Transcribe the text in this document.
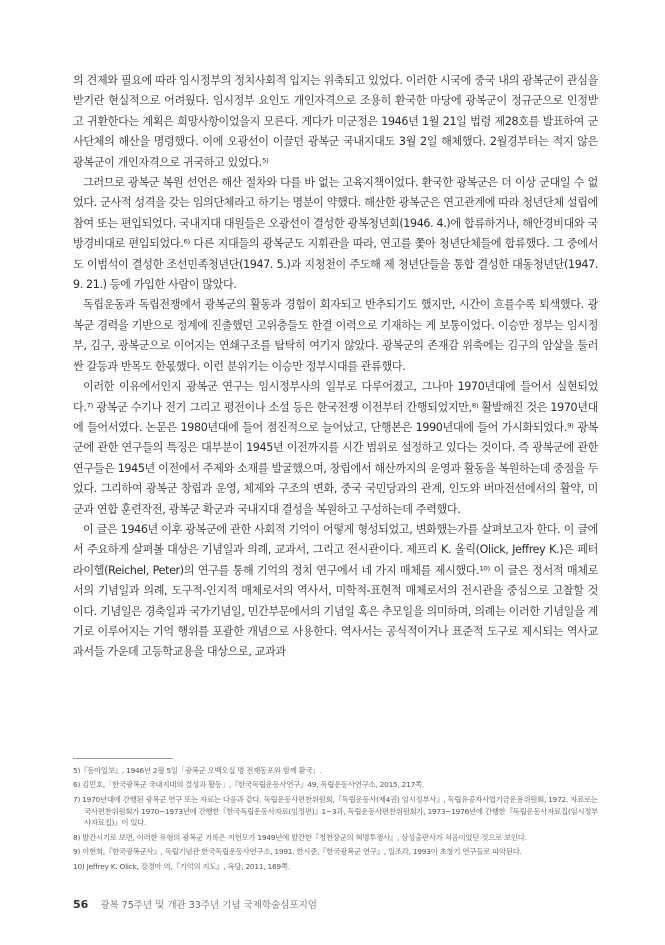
의 견제와 필요에 따라 임시정부의 정치사회적 입지는 위축되고 있었다. 이러한 시국에 중국 내의 광복군이 관심을 받기란 현실적으로 어려웠다. 임시정부 요인도 개인자격으로 조용히 환국한 마당에 광복군이 정규군으로 인정받고 귀환한다는 계획은 희망사항이었을지 모른다. 게다가 미군정은 1946년 1월 21일 법령 제28호를 발표하여 군사단체의 해산을 명령했다. 이에 오광선이 이끌던 광복군 국내지대도 3월 2일 해체했다. 2월경부터는 적지 않은 광복군이 개인자격으로 귀국하고 있었다.⁵⁾

그러므로 광복군 복원 선언은 해산 절차와 다를 바 없는 고육지책이었다. 환국한 광복군은 더 이상 군대일 수 없었다. 군사적 성격을 갖는 임의단체라고 하기는 명분이 약했다. 해산한 광복군은 연고관계에 따라 청년단체 설립에 참여 또는 편입되었다. 국내지대 대원들은 오광선이 결성한 광복청년회(1946. 4.)에 합류하거나, 해안경비대와 국방경비대로 편입되었다.⁶⁾ 다른 지대들의 광복군도 지휘관을 따라, 연고를 쫓아 청년단체들에 합류했다. 그 중에서도 이범석이 결성한 조선민족청년단(1947. 5.)과 지청천이 주도해 제 청년단들을 통합 결성한 대동청년단(1947. 9. 21.) 등에 가입한 사람이 많았다.

독립운동과 독립전쟁에서 광복군의 활동과 경험이 회자되고 반추되기도 했지만, 시간이 흐를수록 퇴색했다. 광복군 경력을 기반으로 정계에 진출했던 고위층들도 한결 이력으로 기재하는 게 보통이었다. 이승만 정부는 임시정부, 김구, 광복군으로 이어지는 연쇄구조를 탐탁히 여기지 않았다. 광복군의 존재감 위축에는 김구의 암살을 둘러싼 갈등과 반목도 한몫했다. 이런 분위기는 이승만 정부시대를 관류했다.

이러한 이유에서인지 광복군 연구는 임시정부사의 일부로 다루어졌고, 그나마 1970년대에 들어서 실현되었다.⁷⁾ 광복군 수기나 전기 그리고 평전이나 소설 등은 한국전쟁 이전부터 간행되었지만,⁸⁾ 활발해진 것은 1970년대에 들어서였다. 논문은 1980년대에 들어 점진적으로 늘어났고, 단행본은 1990년대에 들어 가시화되었다.⁹⁾ 광복군에 관한 연구들의 특징은 대부분이 1945년 이전까지를 시간 범위로 설정하고 있다는 것이다. 즉 광복군에 관한 연구들은 1945년 이전에서 주제와 소재를 발굴했으며, 창립에서 해산까지의 운영과 활동을 복원하는데 중점을 두었다. 그리하여 광복군 창립과 운영, 체제와 구조의 변화, 중국 국민당과의 관계, 인도와 버마전선에서의 활약, 미군과 연합 훈련작전, 광복군 확군과 국내지대 결성을 복원하고 구성하는데 주력했다.

이 글은 1946년 이후 광복군에 관한 사회적 기억이 어떻게 형성되었고, 변화했는가를 살펴보고자 한다. 이 글에서 주요하게 살펴볼 대상은 기념일과 의례, 교과서, 그리고 전시관이다. 제프리 K. 올릭(Olick, Jeffrey K.)은 페터 라이헬(Reichel, Peter)의 연구를 통해 기억의 정치 연구에서 네 가지 매체를 제시했다.¹⁰⁾ 이 글은 정서적 매체로서의 기념일과 의례, 도구적-인지적 매체로서의 역사서, 미학적-표현적 매체로서의 전시관을 중심으로 고찰할 것이다. 기념일은 경축일과 국가기념일, 민간부문에서의 기념일 혹은 추모일을 의미하며, 의례는 이러한 기념일을 계기로 이루어지는 기억 행위를 포괄한 개념으로 사용한다. 역사서는 공식적이거나 표준적 도구로 제시되는 역사교과서들 가운데 고등학교용을 대상으로, 교과과

5)『동아일보』, 1946년 2월 5일「광복군 오백오십 명 전재동포와 함께 환국」.
6) 김민호,「한국광복군 국내지대의 결성과 활동」,『한국독립운동사연구』49, 독립운동사연구소, 2015, 217쪽.
7) 1970년대에 간행된 광복군 연구 또는 자료는 다음과 같다. 독립운동사편찬위원회,『독립운동사(제4권) 임시정부사』, 독립유공자사업기금운용위원회, 1972. 자료로는 국사편찬위원회가 1970~1973년에 간행한『한국독립운동사자료(임정편)』1~3과, 독립운동사편찬위원회가, 1973~1976년에 간행한『독립운동사자료집(임시정부사자료집)』이 있다.
8) 발간시기로 보면, 이러한 유형의 광복군 기록은 지헌모가 1949년에 발간한『청천장군의 혁명투쟁사』, 삼성출판사가 처음이었던 것으로 보인다.
9) 이현희,『한국광복군사』, 독립기념관 한국독립운동사연구소, 1991. 한시준,『한국광복군 연구』, 일조각, 1993이 초창기 연구들로 파악된다.
10) Jeffrey K. Olick, 강경아 역,『기억의 지도』, 옥당, 2011, 169쪽.
56 광복 75주년 및 개관 33주년 기념 국제학술심포지엄
